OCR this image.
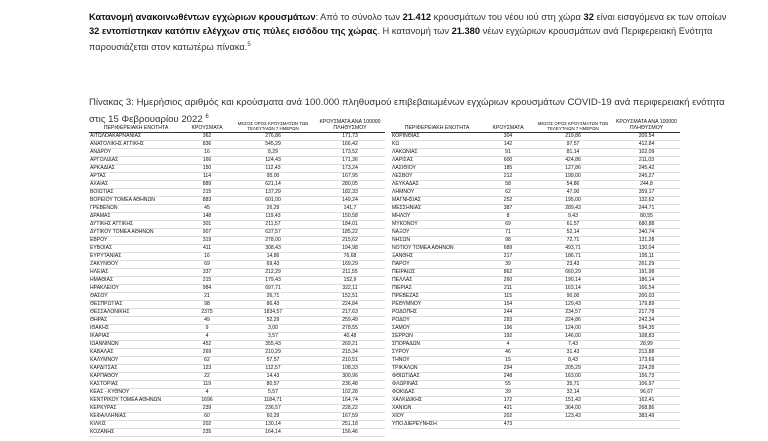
Κατανομή ανακοινωθέντων εγχώριων κρουσμάτων: Από το σύνολο των 21.412 κρουσμάτων του νέου ιού στη χώρα 32 είναι εισαγόμενα εκ των οποίων 32 εντοπίστηκαν κατόπιν ελέγχων στις πύλες εισόδου της χώρας. Η κατανομή των 21.380 νέων εγχώριων κρουσμάτων ανά Περιφερειακή Ενότητα παρουσιάζεται στον κατωτέρω πίνακα.$^5$
Πίνακας 3: Ημερήσιος αριθμός και κρούσματα ανά 100.000 πληθυσμού επιβεβαιωμένων εγχώριων κρουσμάτων COVID-19 ανά περιφερειακή ενότητα στις 15 Φεβρουαρίου 2022 $^6$
ΠΕΡΙΦΕΡΕΙΑΚΗ ΕΝΟΤΗΤΑ	ΚΡΟΥΣΜΑΤΑ	ΜΕΣΟΣ ΟΡΟΣ ΚΡΟΥΣΜΑΤΩΝ ΤΩΝ ΤΕΛΕΥΤΑΙΩΝ 7 ΗΜΕΡΩΝ	ΚΡΟΥΣΜΑΤΑ ΑΝΑ 100000 ΠΛΗΘΥΣΜΟΥ
ΑΙΤΩΛΟΑΚΑΡΝΑΝΙΑΣ	362	276,86	171,73
ΑΝΑΤΟΛΙΚΗΣ ΑΤΤΙΚΗΣ	836	545,29	166,42
ΑΝΔΡΟΥ	16	8,29	173,52
ΑΡΓΟΛΙΔΑΣ	166	124,43	171,36
ΑΡΚΑΔΙΑΣ	150	112,43	173,24
ΑΡΤΑΣ	114	95,00	167,95
ΑΧΑΪΑΣ	889	621,14	280,05
ΒΟΙΩΤΙΑΣ	215	137,29	182,33
ΒΟΡΕΙΟΥ ΤΟΜΕΑ ΑΘΗΝΩΝ	883	601,00	149,24
ΓΡΕΒΕΝΩΝ	45	26,29	141,7
ΔΡΑΜΑΣ	148	119,43	150,58
ΔΥΤΙΚΗΣ ΑΤΤΙΚΗΣ	301	211,57	184,01
ΔΥΤΙΚΟΥ ΤΟΜΕΑ ΑΘΗΝΩΝ	907	637,57	185,22
ΕΒΡΟΥ	319	278,00	215,62
ΕΥΒΟΙΑΣ	411	308,43	194,98
ΕΥΡΥΤΑΝΙΑΣ	16	14,86	76,68
ΖΑΚΥΝΘΟΥ	69	69,43	169,29
ΗΛΕΙΑΣ	337	212,29	211,55
ΗΜΑΘΙΑΣ	215	179,43	152,9
ΗΡΑΚΛΕΙΟΥ	984	697,71	322,11
ΘΑΣΟΥ	21	26,71	152,51
ΘΕΣΠΡΩΤΙΑΣ	98	86,43	224,84
ΘΕΣΣΑΛΟΝΙΚΗΣ	2375	1834,57	217,63
ΘΗΡΑΣ	49	52,29	259,49
ΙΘΑΚΗΣ	9	3,00	278,55
ΙΚΑΡΙΑΣ	4	3,57	40,48
ΙΩΑΝΝΙΝΩΝ	452	355,43	269,21
ΚΑΒΑΛΑΣ	269	210,29	215,34
ΚΑΛΥΜΝΟΥ	62	57,57	210,51
ΚΑΡΔΙΤΣΑΣ	123	112,57	108,33
ΚΑΡΠΑΘΟΥ	22	14,43	300,96
ΚΑΣΤΟΡΙΑΣ	119	80,57	236,48
ΚΕΑΣ - ΚΥΘΝΟΥ	4	5,57	102,28
ΚΕΝΤΡΙΚΟΥ ΤΟΜΕΑ ΑΘΗΝΩΝ	1696	1184,71	164,74
ΚΕΡΚΥΡΑΣ	239	236,57	228,22
ΚΕΦΑΛΛΗΝΙΑΣ	60	60,29	167,59
ΚΙΛΚΙΣ	202	130,14	251,18
ΚΟΖΑΝΗΣ	235	164,14	156,46
ΠΕΡΙΦΕΡΕΙΑΚΗ ΕΝΟΤΗΤΑ	ΚΡΟΥΣΜΑΤΑ	ΜΕΣΟΣ ΟΡΟΣ ΚΡΟΥΣΜΑΤΩΝ ΤΩΝ ΤΕΛΕΥΤΑΙΩΝ 7 ΗΜΕΡΩΝ	ΚΡΟΥΣΜΑΤΑ ΑΝΑ 100000 ΠΛΗΘΥΣΜΟΥ
ΚΟΡΙΝΘΙΑΣ	304	219,86	209,54
ΚΩ	142	97,57	412,84
ΛΑΚΩΝΙΑΣ	91	81,14	102,09
ΛΑΡΙΣΑΣ	600	424,86	211,03
ΛΑΣΙΘΙΟΥ	185	127,86	245,42
ΛΕΣΒΟΥ	212	199,00	245,27
ΛΕΥΚΑΔΑΣ	58	54,86	244,8
ΛΗΜΝΟΥ	62	47,00	359,17
ΜΑΓΝΗΣΙΑΣ	252	195,00	132,62
ΜΕΣΣΗΝΙΑΣ	387	289,43	244,71
ΜΗΛΟΥ	8	9,43	80,55
ΜΥΚΟΝΟΥ	69	61,57	680,88
ΝΑΞΟΥ	71	52,14	340,74
ΝΗΣΩΝ	98	72,71	131,28
ΝΟΤΙΟΥ ΤΟΜΕΑ ΑΘΗΝΩΝ	689	493,71	130,04
ΞΑΝΘΗΣ	217	186,71	195,11
ΠΑΡΟΥ	39	23,43	261,29
ΠΕΙΡΑΙΩΣ	862	660,29	191,98
ΠΕΛΛΑΣ	260	190,14	186,14
ΠΙΕΡΙΑΣ	211	163,14	166,54
ΠΡΕΒΕΖΑΣ	115	90,00	200,03
ΡΕΘΥΜΝΟΥ	154	129,43	179,89
ΡΟΔΟΠΗΣ	244	234,57	217,78
ΡΟΔΟΥ	293	224,86	242,34
ΣΑΜΟΥ	196	124,00	594,35
ΣΕΡΡΩΝ	192	146,00	108,83
ΣΠΟΡΑΔΩΝ	4	7,43	28,99
ΣΥΡΟΥ	46	31,43	213,88
ΤΗΝΟΥ	15	8,43	173,69
ΤΡΙΚΑΛΩΝ	294	205,29	224,28
ΦΘΙΩΤΙΔΑΣ	248	163,00	156,73
ΦΛΩΡΙΝΑΣ	55	35,71	106,97
ΦΩΚΙΔΑΣ	39	32,14	96,67
ΧΑΛΚΙΔΙΚΗΣ	172	151,43	162,41
ΧΑΝΙΩΝ	421	364,00	268,86
ΧΙΟΥ	202	123,43	383,49
ΥΠΟ ΔΙΕΡΕΥΝΗΣΗ	473		
